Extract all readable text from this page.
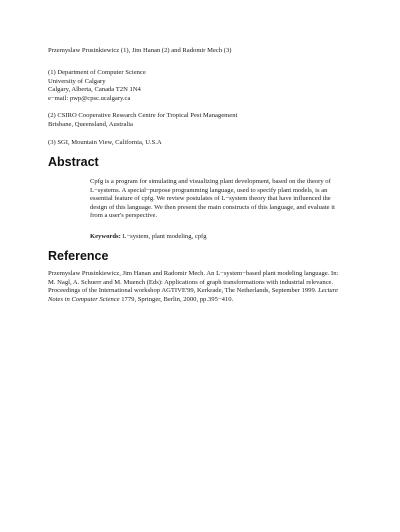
Przemyslaw Prusinkiewicz (1), Jim Hanan (2) and Radomir Mech (3)
(1) Department of Computer Science
University of Calgary
Calgary, Alberta, Canada T2N 1N4
e−mail: pwp@cpsc.ucalgary.ca
(2) CSIRO Cooperative Research Centre for Tropical Pest Management
Brisbane, Queensland, Australia
(3) SGI, Mountain View, California, U.S.A
Abstract
Cpfg is a program for simulating and visualizing plant development, based on the theory of
L−systems. A special−purpose programming language, used to specify plant models, is an
essential feature of cpfg. We review postulates of L−system theory that have influenced the
design of this language. We then present the main constructs of this language, and evaluate it
from a user's perspective.
Keywords: L−system, plant modeling, cpfg
Reference
Przemyslaw Prusinkiewicz, Jim Hanan and Radomir Mech. An L−system−based plant modeling language. In:
M. Nagl, A. Schuerr and M. Muench (Eds): Applications of graph transformations with industrial relevance.
Proceedings of the International workshop AGTIVE'99, Kerkrade, The Netherlands, September 1999. Lecture
Notes in Computer Science 1779, Springer, Berlin, 2000, pp.395−410.
